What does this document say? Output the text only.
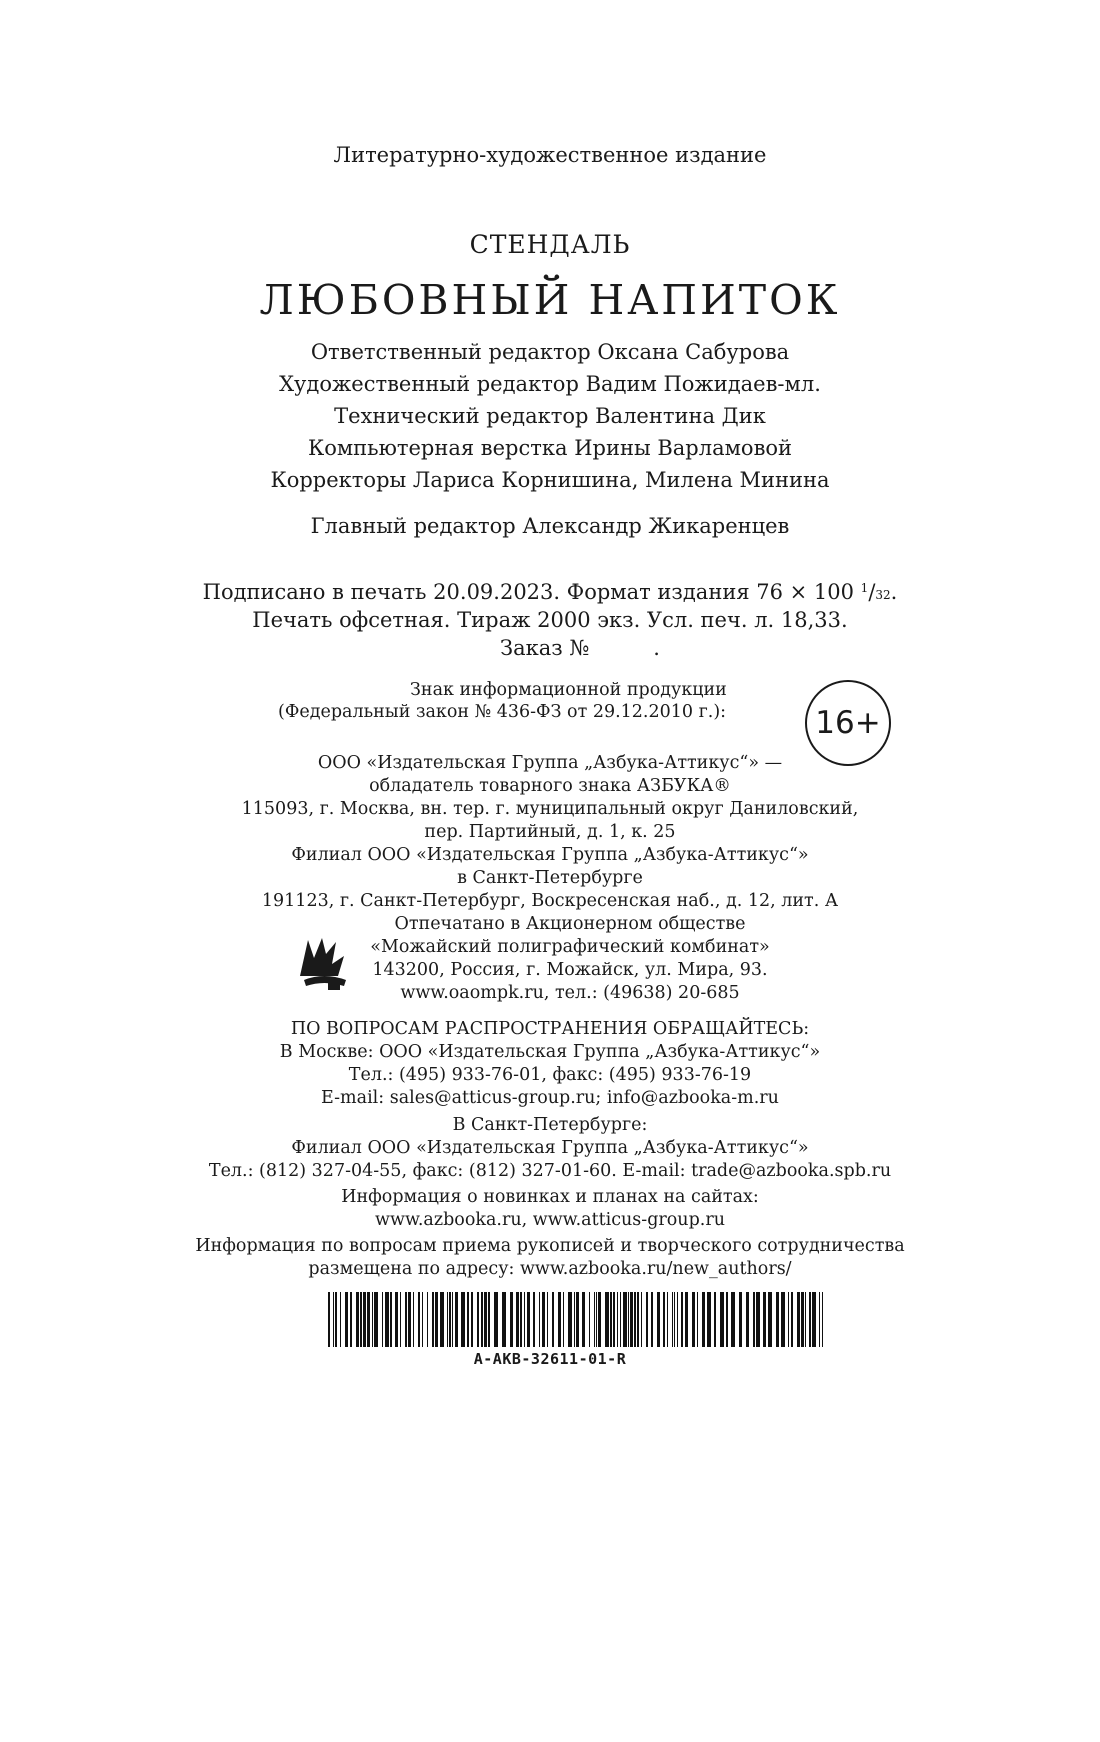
Литературно-художественное издание
СТЕНДАЛЬ
ЛЮБОВНЫЙ НАПИТОК
Ответственный редактор Оксана Сабурова
Художественный редактор Вадим Пожидаев-мл.
Технический редактор Валентина Дик
Компьютерная верстка Ирины Варламовой
Корректоры Лариса Корнишина, Милена Минина
Главный редактор Александр Жикаренцев
Подписано в печать 20.09.2023. Формат издания 76 × 100 $^1$/32.
Печать офсетная. Тираж 2000 экз. Усл. печ. л. 18,33.
Заказ №	.
Знак информационной продукции
(Федеральный закон № 436-ФЗ от 29.12.2010 г.):	16+
ООО «Издательская Группа „Азбука-Аттикус“» —
обладатель товарного знака АЗБУКА®
115093, г. Москва, вн. тер. г. муниципальный округ Даниловский,
пер. Партийный, д. 1, к. 25
Филиал ООО «Издательская Группа „Азбука-Аттикус“»
в Санкт-Петербурге
191123, г. Санкт-Петербург, Воскресенская наб., д. 12, лит. А
Отпечатано в Акционерном обществе
«Можайский полиграфический комбинат»
143200, Россия, г. Можайск, ул. Мира, 93.
www.oaompk.ru, тел.: (49638) 20-685
ПО ВОПРОСАМ РАСПРОСТРАНЕНИЯ ОБРАЩАЙТЕСЬ:
В Москве: ООО «Издательская Группа „Азбука-Аттикус“»
Тел.: (495) 933-76-01, факс: (495) 933-76-19
E-mail: sales@atticus-group.ru; info@azbooka-m.ru
В Санкт-Петербурге:
Филиал ООО «Издательская Группа „Азбука-Аттикус“»
Тел.: (812) 327-04-55, факс: (812) 327-01-60. E-mail: trade@azbooka.spb.ru
Информация о новинках и планах на сайтах:
www.azbooka.ru, www.atticus-group.ru
Информация по вопросам приема рукописей и творческого сотрудничества
размещена по адресу: www.azbooka.ru/new_authors/
A-AKB-32611-01-R
